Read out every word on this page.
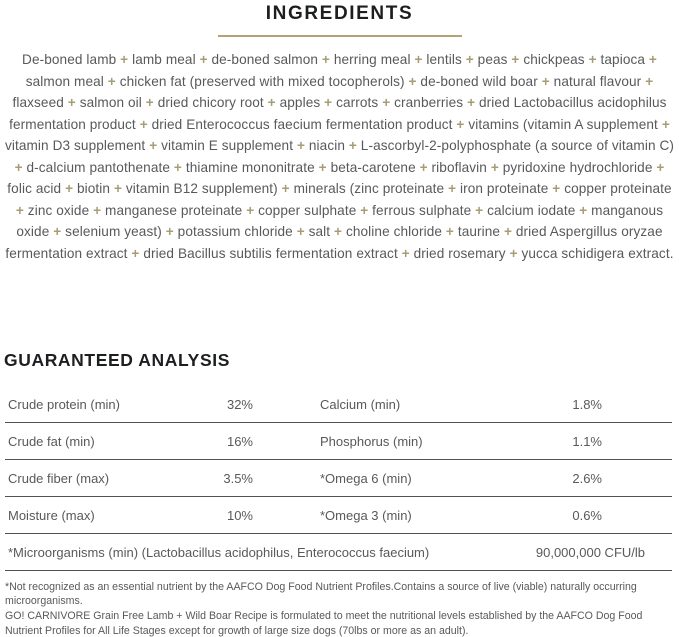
INGREDIENTS
De-boned lamb + lamb meal + de-boned salmon + herring meal + lentils + peas + chickpeas + tapioca + salmon meal + chicken fat (preserved with mixed tocopherols) + de-boned wild boar + natural flavour + flaxseed + salmon oil + dried chicory root + apples + carrots + cranberries + dried Lactobacillus acidophilus fermentation product + dried Enterococcus faecium fermentation product + vitamins (vitamin A supplement + vitamin D3 supplement + vitamin E supplement + niacin + L-ascorbyl-2-polyphosphate (a source of vitamin C) + d-calcium pantothenate + thiamine mononitrate + beta-carotene + riboflavin + pyridoxine hydrochloride + folic acid + biotin + vitamin B12 supplement) + minerals (zinc proteinate + iron proteinate + copper proteinate + zinc oxide + manganese proteinate + copper sulphate + ferrous sulphate + calcium iodate + manganous oxide + selenium yeast) + potassium chloride + salt + choline chloride + taurine + dried Aspergillus oryzae fermentation extract + dried Bacillus subtilis fermentation extract + dried rosemary + yucca schidigera extract.
GUARANTEED ANALYSIS
Crude protein (min)	32%	Calcium (min)	1.8%
Crude fat (min)	16%	Phosphorus (min)	1.1%
Crude fiber (max)	3.5%	*Omega 6 (min)	2.6%
Moisture (max)	10%	*Omega 3 (min)	0.6%
*Microorganisms (min) (Lactobacillus acidophilus, Enterococcus faecium)	90,000,000 CFU/lb
*Not recognized as an essential nutrient by the AAFCO Dog Food Nutrient Profiles.Contains a source of live (viable) naturally occurring microorganisms.
GO! CARNIVORE Grain Free Lamb + Wild Boar Recipe is formulated to meet the nutritional levels established by the AAFCO Dog Food Nutrient Profiles for All Life Stages except for growth of large size dogs (70lbs or more as an adult).
